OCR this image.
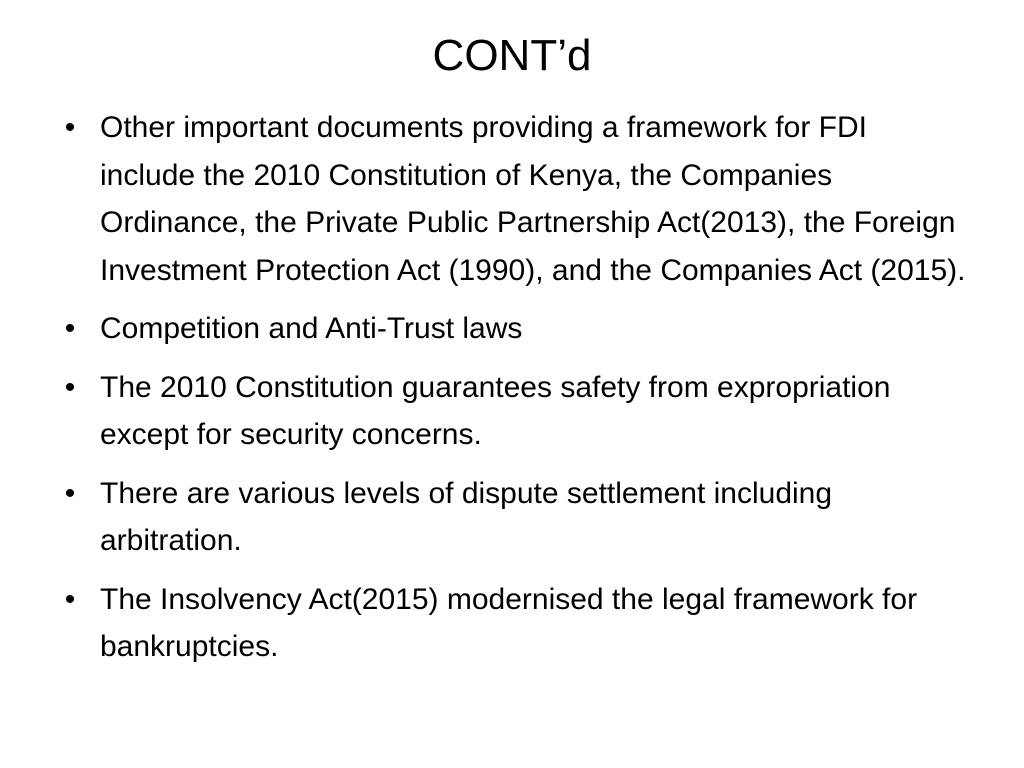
CONT’d
• Other important documents providing a framework for FDI include the 2010 Constitution of Kenya, the Companies Ordinance, the Private Public Partnership Act(2013), the Foreign Investment Protection Act (1990), and the Companies Act (2015).
• Competition and Anti-Trust laws
• The 2010 Constitution guarantees safety from expropriation except for security concerns.
• There are various levels of dispute settlement including arbitration.
• The Insolvency Act(2015) modernised the legal framework for bankruptcies.
